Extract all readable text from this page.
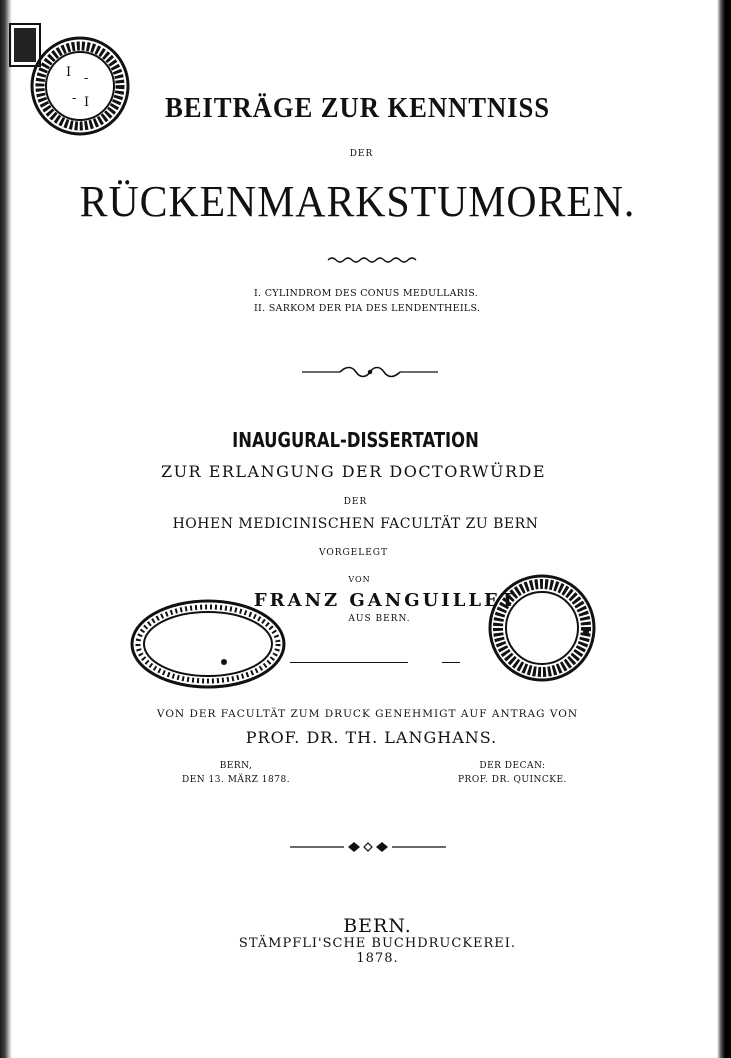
I -
- I	BEITRÄGE ZUR KENNTNISS

DER

RÜCKENMARKSTUMOREN.

I. CYLINDROM DES CONUS MEDULLARIS.
II. SARKOM DER PIA DES LENDENTHEILS.

INAUGURAL-DISSERTATION

ZUR ERLANGUNG DER DOCTORWÜRDE

DER

HOHEN MEDICINISCHEN FACULTÄT ZU BERN

VORGELEGT

VON

FRANZ GANGUILLET

AUS BERN.

VON DER FACULTÄT ZUM DRUCK GENEHMIGT AUF ANTRAG VON

PROF. DR. TH. LANGHANS.

BERN,
DEN 13. MÄRZ 1878.
DER DECAN:
PROF. DR. QUINCKE.

BERN.

STÄMPFLI'SCHE BUCHDRUCKEREI.

1878.
